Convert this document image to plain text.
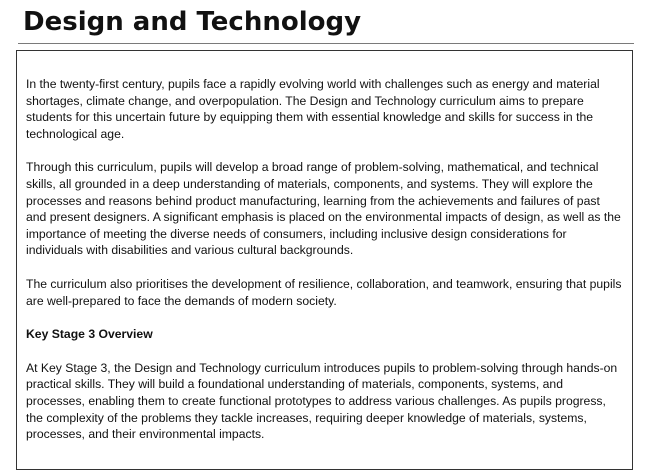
Design and Technology

In the twenty-first century, pupils face a rapidly evolving world with challenges such as energy and material shortages, climate change, and overpopulation. The Design and Technology curriculum aims to prepare students for this uncertain future by equipping them with essential knowledge and skills for success in the technological age.

Through this curriculum, pupils will develop a broad range of problem-solving, mathematical, and technical skills, all grounded in a deep understanding of materials, components, and systems. They will explore the processes and reasons behind product manufacturing, learning from the achievements and failures of past and present designers. A significant emphasis is placed on the environmental impacts of design, as well as the importance of meeting the diverse needs of consumers, including inclusive design considerations for individuals with disabilities and various cultural backgrounds.

The curriculum also prioritises the development of resilience, collaboration, and teamwork, ensuring that pupils are well-prepared to face the demands of modern society.

Key Stage 3 Overview

At Key Stage 3, the Design and Technology curriculum introduces pupils to problem-solving through hands-on practical skills. They will build a foundational understanding of materials, components, systems, and processes, enabling them to create functional prototypes to address various challenges. As pupils progress, the complexity of the problems they tackle increases, requiring deeper knowledge of materials, systems, processes, and their environmental impacts.
